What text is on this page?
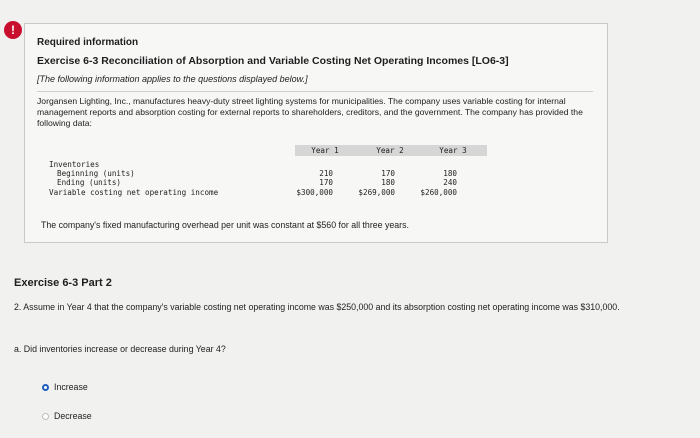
!
Required information
Exercise 6-3 Reconciliation of Absorption and Variable Costing Net Operating Incomes [LO6-3]
[The following information applies to the questions displayed below.]
Jorgansen Lighting, Inc., manufactures heavy-duty street lighting systems for municipalities. The company uses variable costing for internal management reports and absorption costing for external reports to shareholders, creditors, and the government. The company has provided the following data:
Year 1	Year 2	Year 3
Inventories
Beginning (units)	210	170	180
Ending (units)	170	180	240
Variable costing net operating income	$300,000	$269,000	$260,000
The company's fixed manufacturing overhead per unit was constant at $560 for all three years.
Exercise 6-3 Part 2
2. Assume in Year 4 that the company's variable costing net operating income was $250,000 and its absorption costing net operating income was $310,000.
a. Did inventories increase or decrease during Year 4?
Increase
Decrease
